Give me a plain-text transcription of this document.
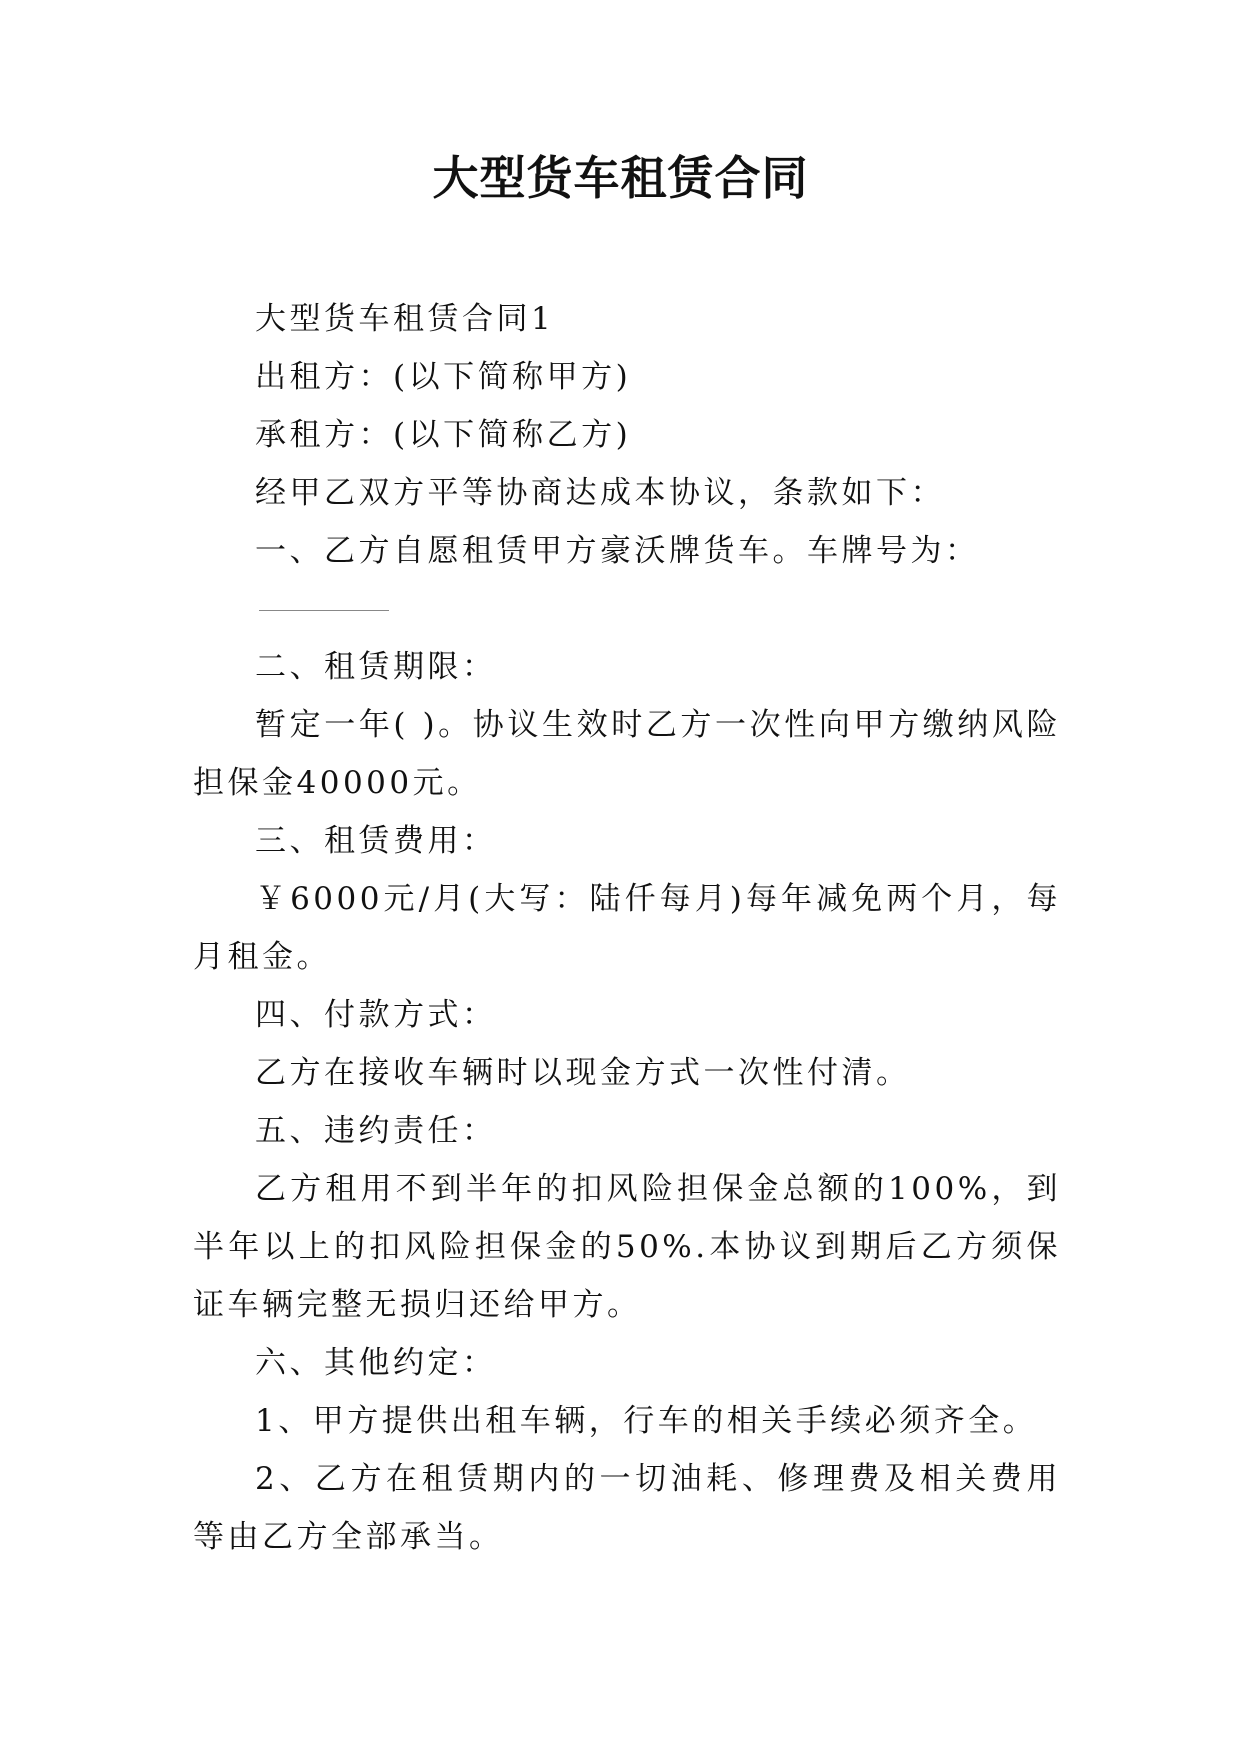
大型货车租赁合同

大型货车租赁合同1

出租方：(以下简称甲方)

承租方：(以下简称乙方)

经甲乙双方平等协商达成本协议，条款如下：

一、乙方自愿租赁甲方豪沃牌货车。车牌号为：

二、租赁期限：

暂定一年( )。协议生效时乙方一次性向甲方缴纳风险担保金40000元。

三、租赁费用：

￥6000元/月(大写：陆仟每月)每年减免两个月，每月租金。

四、付款方式：

乙方在接收车辆时以现金方式一次性付清。

五、违约责任：

乙方租用不到半年的扣风险担保金总额的100%，到半年以上的扣风险担保金的50%.本协议到期后乙方须保证车辆完整无损归还给甲方。

六、其他约定：

1、甲方提供出租车辆，行车的相关手续必须齐全。

2、乙方在租赁期内的一切油耗、修理费及相关费用等由乙方全部承当。
